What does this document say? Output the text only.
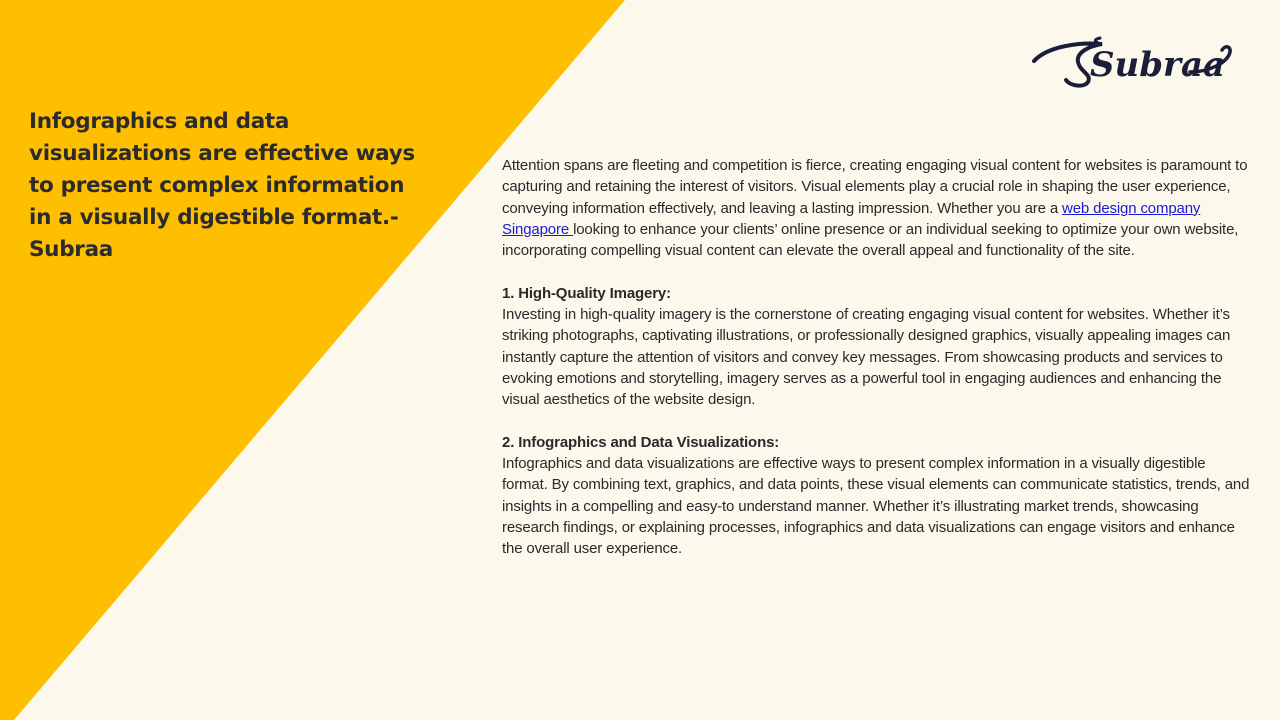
Infographics and data visualizations are effective ways to present complex information in a visually digestible format.- Subraa

Subraa

Attention spans are fleeting and competition is fierce, creating engaging visual content for websites is paramount to capturing and retaining the interest of visitors. Visual elements play a crucial role in shaping the user experience, conveying information effectively, and leaving a lasting impression. Whether you are a web design company Singapore looking to enhance your clients’ online presence or an individual seeking to optimize your own website, incorporating compelling visual content can elevate the overall appeal and functionality of the site.

1. High-Quality Imagery:
Investing in high-quality imagery is the cornerstone of creating engaging visual content for websites. Whether it’s striking photographs, captivating illustrations, or professionally designed graphics, visually appealing images can instantly capture the attention of visitors and convey key messages. From showcasing products and services to evoking emotions and storytelling, imagery serves as a powerful tool in engaging audiences and enhancing the visual aesthetics of the website design.

2. Infographics and Data Visualizations:
Infographics and data visualizations are effective ways to present complex information in a visually digestible format. By combining text, graphics, and data points, these visual elements can communicate statistics, trends, and insights in a compelling and easy-to understand manner. Whether it’s illustrating market trends, showcasing research findings, or explaining processes, infographics and data visualizations can engage visitors and enhance the overall user experience.
